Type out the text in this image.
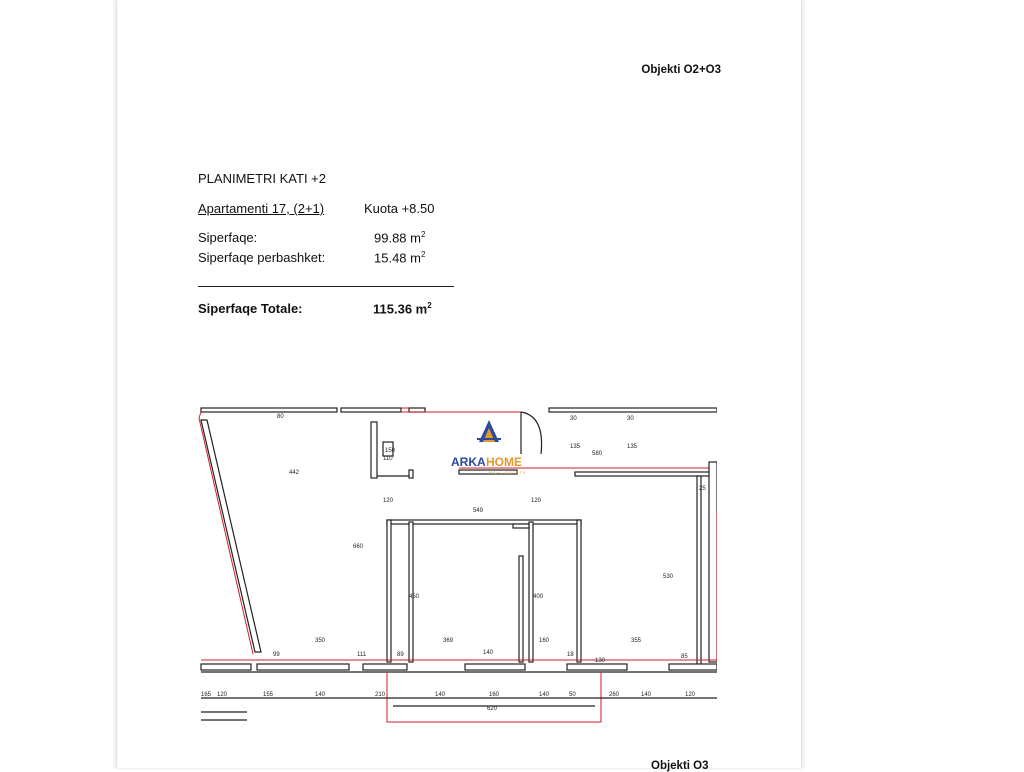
Objekti O2+O3
PLANIMETRI KATI +2
Apartamenti 17, (2+1)	Kuota +8.50
Siperfaqe:	99.88 $m^2$
Siperfaqe perbashket:	15.48 $m^2$
Siperfaqe Totale:	115.36 $m^2$
ARKA HOME
REAL ESTATE
80	30	30
135	135
580
442
110
150
120
549
120
660
450	400
530
25
350	369	160	355
99	111	89	140	18
130
85
165 120	155	140	210	140	160	140	50	260	140	120
620
Objekti O3
